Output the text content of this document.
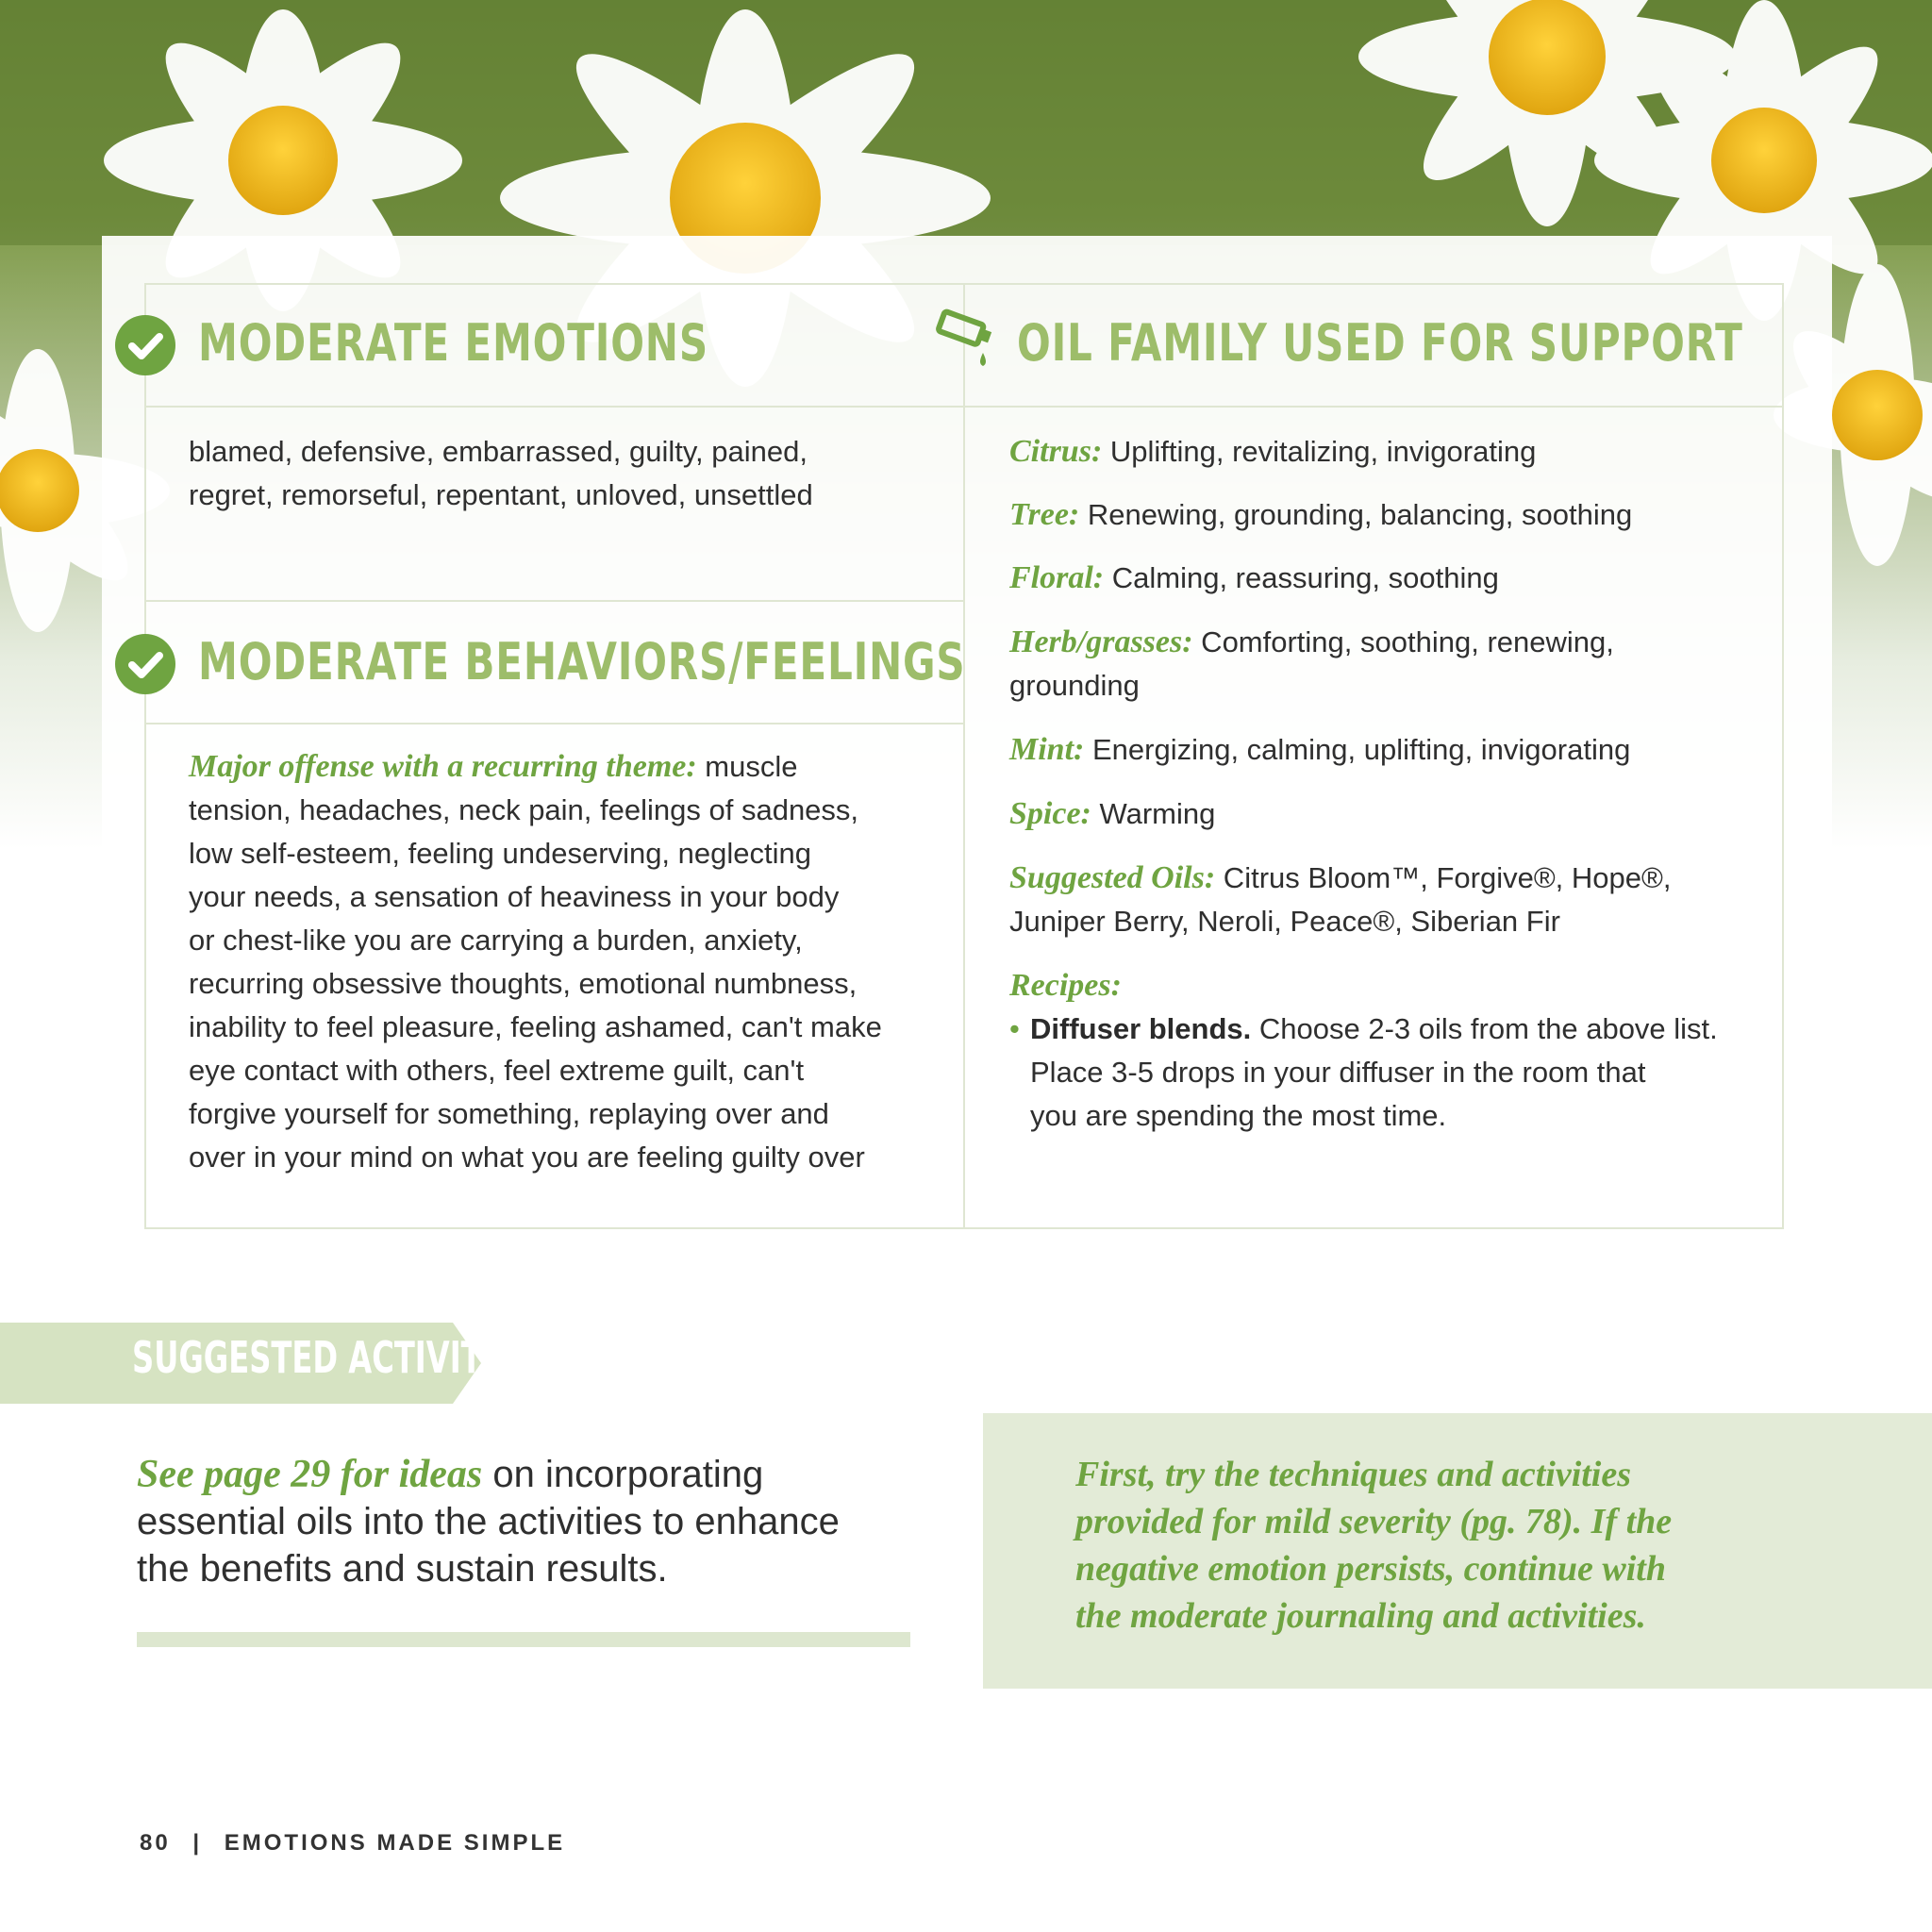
MODERATE EMOTIONS
blamed, defensive, embarrassed, guilty, pained,
regret, remorseful, repentant, unloved, unsettled
MODERATE BEHAVIORS/FEELINGS
Major offense with a recurring theme: muscle
tension, headaches, neck pain, feelings of sadness,
low self-esteem, feeling undeserving, neglecting
your needs, a sensation of heaviness in your body
or chest-like you are carrying a burden, anxiety,
recurring obsessive thoughts, emotional numbness,
inability to feel pleasure, feeling ashamed, can't make
eye contact with others, feel extreme guilt, can't
forgive yourself for something, replaying over and
over in your mind on what you are feeling guilty over
OIL FAMILY USED FOR SUPPORT
Citrus: Uplifting, revitalizing, invigorating
Tree: Renewing, grounding, balancing, soothing
Floral: Calming, reassuring, soothing
Herb/grasses: Comforting, soothing, renewing,
grounding
Mint: Energizing, calming, uplifting, invigorating
Spice: Warming
Suggested Oils: Citrus Bloom™, Forgive®, Hope®,
Juniper Berry, Neroli, Peace®, Siberian Fir
Recipes:
• Diffuser blends. Choose 2-3 oils from the above list.
Place 3-5 drops in your diffuser in the room that
you are spending the most time.
SUGGESTED ACTIVITIES
See page 29 for ideas on incorporating
essential oils into the activities to enhance
the benefits and sustain results.
First, try the techniques and activities
provided for mild severity (pg. 78). If the
negative emotion persists, continue with
the moderate journaling and activities.
80 | EMOTIONS MADE SIMPLE
